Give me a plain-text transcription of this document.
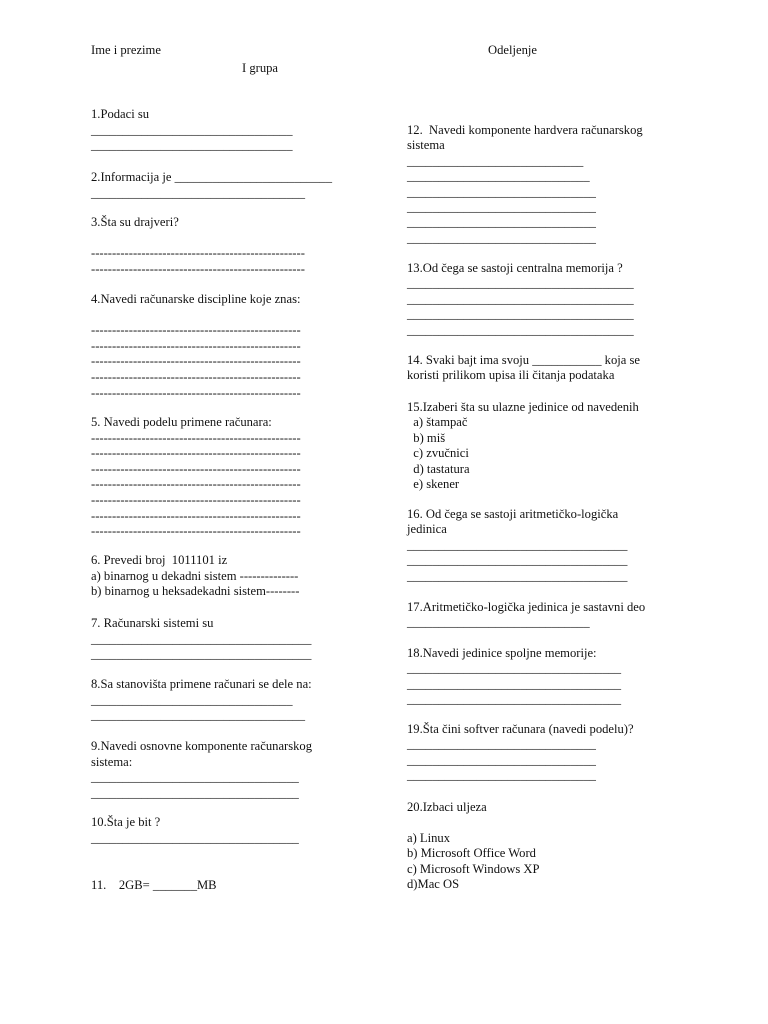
Ime i prezime	Odeljenje
I grupa
1.Podaci su
________________________________
________________________________
2.Informacija je _________________________
__________________________________
3.Šta su drajveri?
---------------------------------------------------
---------------------------------------------------
4.Navedi računarske discipline koje znas:
--------------------------------------------------
--------------------------------------------------
--------------------------------------------------
--------------------------------------------------
--------------------------------------------------
5. Navedi podelu primene računara:
--------------------------------------------------
--------------------------------------------------
--------------------------------------------------
--------------------------------------------------
--------------------------------------------------
--------------------------------------------------
--------------------------------------------------
6. Prevedi broj  1011101 iz
a) binarnog u dekadni sistem --------------
b) binarnog u heksadekadni sistem--------
7. Računarski sistemi su
___________________________________
___________________________________
8.Sa stanovišta primene računari se dele na:
________________________________
__________________________________
9.Navedi osnovne komponente računarskog
sistema:
_________________________________
_________________________________
10.Šta je bit ?
_________________________________
11.    2GB= _______MB
12.  Navedi komponente hardvera računarskog
sistema
____________________________
_____________________________
______________________________
______________________________
______________________________
______________________________
13.Od čega se sastoji centralna memorija ?
____________________________________
____________________________________
____________________________________
____________________________________
14. Svaki bajt ima svoju ___________ koja se
koristi prilikom upisa ili čitanja podataka
15.Izaberi šta su ulazne jedinice od navedenih
a) štampač
b) miš
c) zvučnici
d) tastatura
e) skener
16. Od čega se sastoji aritmetičko-logička
jedinica
___________________________________
___________________________________
___________________________________
17.Aritmetičko-logička jedinica je sastavni deo
_____________________________
18.Navedi jedinice spoljne memorije:
__________________________________
__________________________________
__________________________________
19.Šta čini softver računara (navedi podelu)?
______________________________
______________________________
______________________________
20.Izbaci uljeza
a) Linux
b) Microsoft Office Word
c) Microsoft Windows XP
d)Mac OS
